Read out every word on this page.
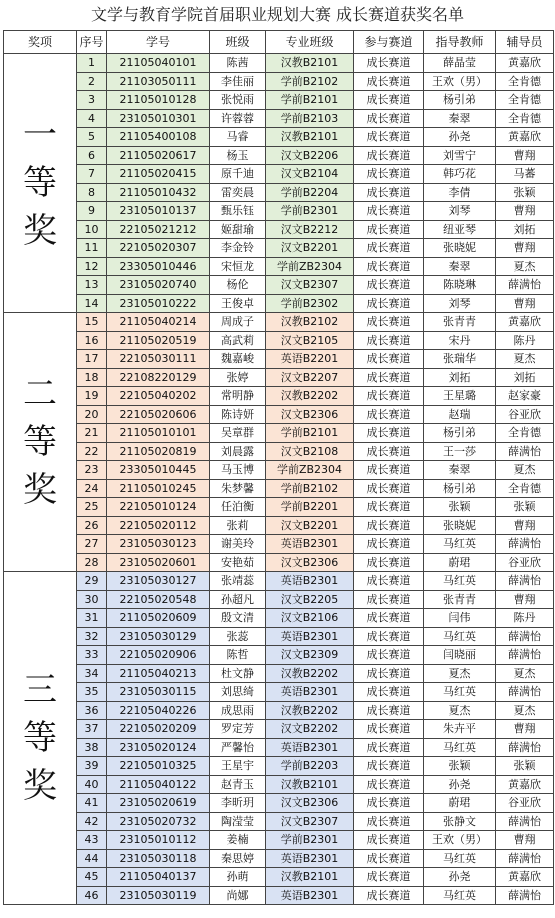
文学与教育学院首届职业规划大赛 成长赛道获奖名单
奖项	序号	学号	班级	专业班级	参与赛道	指导教师	辅导员

一
等
奖	1	21105040101	陈茜	汉教B2101	成长赛道	薛晶莹	黄嘉欣
	2	21103050111	李佳丽	学前B2102	成长赛道	王欢（男）	全肯德
	3	21105010128	张悦雨	学前B2101	成长赛道	杨引弟	全肯德
	4	23105010301	许蓉蓉	学前B2103	成长赛道	秦翠	全肯德
	5	21105400108	马睿	汉教B2101	成长赛道	孙尧	黄嘉欣
	6	21105020617	杨玉	汉文B2206	成长赛道	刘雪宁	曹翔
	7	21105020415	原千迪	汉文B2104	成长赛道	韩巧花	马蕃
	8	21105010432	雷奕晨	学前B2204	成长赛道	李倩	张颖
	9	23105010137	甄乐钰	学前B2301	成长赛道	刘琴	曹翔
	10	22105021212	姬甜瑜	汉文B2212	成长赛道	纽亚琴	刘拓
	11	22105020307	李金铃	汉文B2201	成长赛道	张晓妮	曹翔
	12	23305010446	宋恒龙	学前ZB2304	成长赛道	秦翠	夏杰
	13	23105020740	杨伦	汉文B2307	成长赛道	陈晓琳	薛满怡
	14	23105010222	王俊卓	学前B2302	成长赛道	刘琴	曹翔

二
等
奖	15	21105040214	周成子	汉教B2102	成长赛道	张青青	黄嘉欣
	16	21105020519	高武莉	汉文B2105	成长赛道	宋丹	陈丹
	17	22105030111	魏嘉峻	英语B2201	成长赛道	张瑞华	夏杰
	18	22108220129	张婷	汉文B2207	成长赛道	刘拓	刘拓
	19	22105040202	常明静	汉教B2202	成长赛道	王星璐	赵家豪
	20	22105020606	陈诗妍	汉文B2306	成长赛道	赵瑞	谷亚欣
	21	21105010101	吴章群	学前B2101	成长赛道	杨引弟	全肯德
	22	21105020819	刘晨露	汉文B2108	成长赛道	王一莎	薛满怡
	23	23305010445	马玉博	学前ZB2304	成长赛道	秦翠	夏杰
	24	21105010245	朱梦馨	学前B2102	成长赛道	杨引弟	全肯德
	25	22105010124	任泊衡	学前B2201	成长赛道	张颖	张颖
	26	22105020112	张莉	汉文B2201	成长赛道	张晓妮	曹翔
	27	23105030123	谢美玲	英语B2301	成长赛道	马红英	薛满怡
	28	23105020601	安艳茹	汉文B2306	成长赛道	蔚珺	谷亚欣

三
等
奖	29	23105030127	张靖蕊	英语B2301	成长赛道	马红英	薛满怡
	30	22105020548	孙超凡	汉文B2205	成长赛道	张青青	曹翔
	31	21105020609	殷文清	汉文B2106	成长赛道	闫伟	陈丹
	32	23105030129	张蕊	英语B2301	成长赛道	马红英	薛满怡
	33	22105020906	陈哲	汉文B2309	成长赛道	闫晓丽	薛满怡
	34	21105040213	杜文静	汉教B2202	成长赛道	夏杰	夏杰
	35	23105030115	刘思绮	英语B2301	成长赛道	马红英	薛满怡
	36	22105040226	成思雨	汉教B2202	成长赛道	夏杰	夏杰
	37	22105020209	罗定芳	汉文B2202	成长赛道	朱卉平	曹翔
	38	23105020124	严馨怡	英语B2301	成长赛道	马红英	薛满怡
	39	22105010325	王星宇	学前B2203	成长赛道	张颖	张颖
	40	21105040122	赵青玉	汉教B2101	成长赛道	孙尧	黄嘉欣
	41	23105020619	李昕玥	汉文B2306	成长赛道	蔚珺	谷亚欣
	42	23105020732	陶滢莹	汉文B2307	成长赛道	张静文	薛满怡
	43	23105010112	姜楠	学前B2301	成长赛道	王欢（男）	曹翔
	44	23105030118	秦思婷	英语B2301	成长赛道	马红英	薛满怡
	45	21105040137	孙萌	汉教B2101	成长赛道	孙尧	黄嘉欣
	46	23105030119	尚娜	英语B2301	成长赛道	马红英	薛满怡
